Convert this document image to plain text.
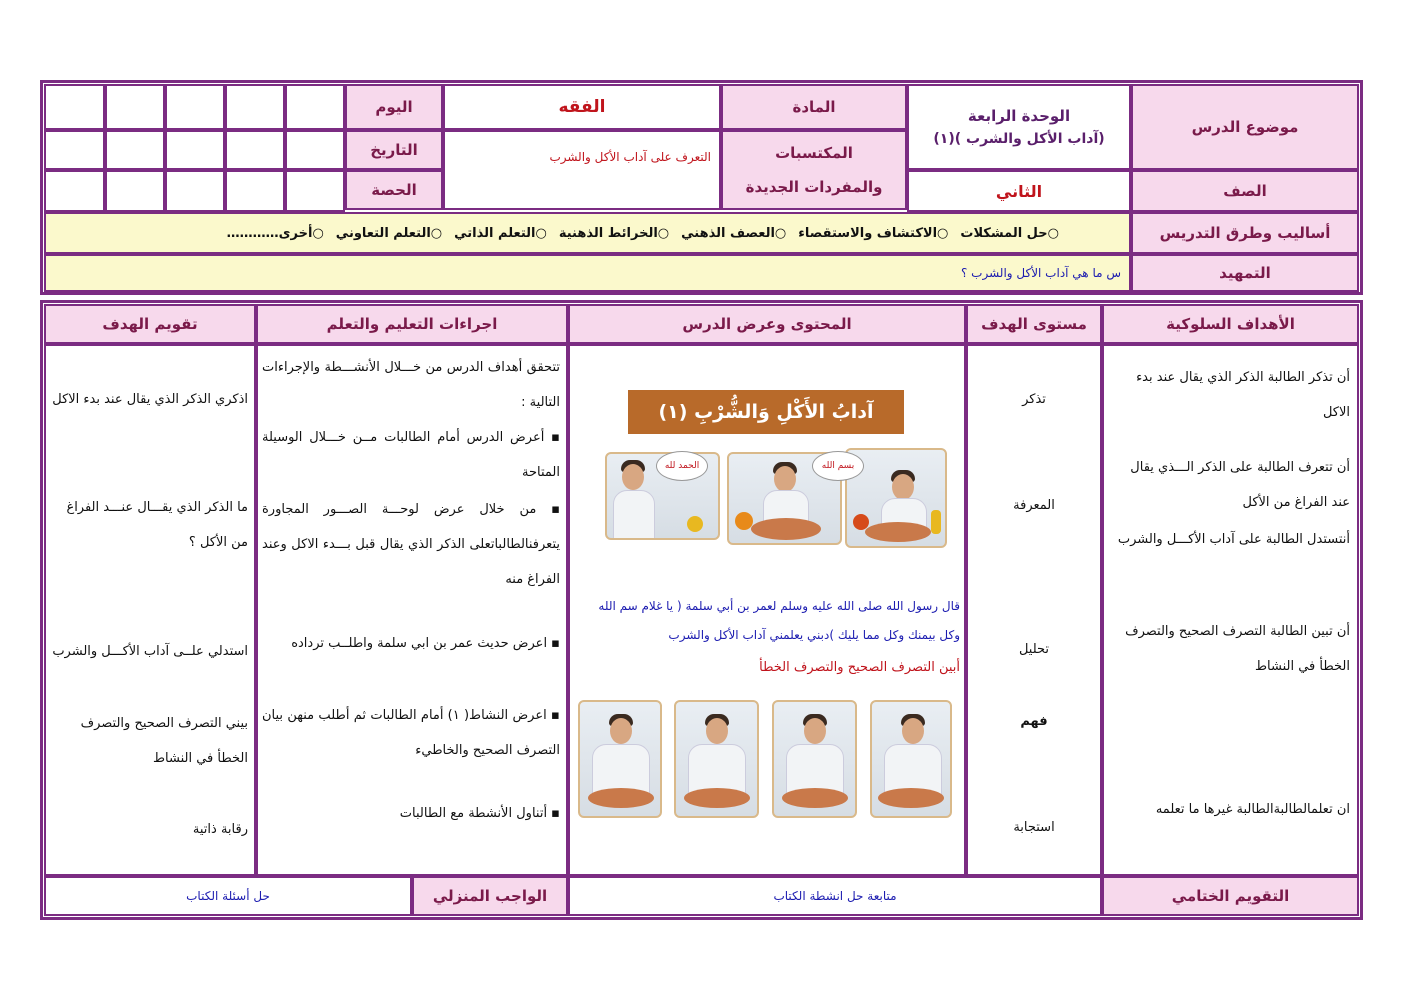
موضوع الدرس
الوحدة الرابعة
(آداب الأكل والشرب )(١)
المادة
الفقه
اليوم
المكتسبات
والمفردات الجديدة
التعرف على آداب الأكل والشرب
التاريخ
الحصة	الصف
الثاني
أساليب وطرق التدريس
○حل المشكلات
○الاكتشاف والاستقصاء
○العصف الذهني
○الخرائط الذهنية
○التعلم الذاتي
○التعلم التعاوني
○أخرى…………
التمهيد
س ما هي آداب الأكل والشرب ؟
الأهداف السلوكية
مستوى الهدف
المحتوى وعرض الدرس
اجراءات التعليم والتعلم
تقويم الهدف
أن تذكر الطالبة الذكر الذي يقال عند بدء الاكل
أن تتعرف الطالبة على الذكر الـــذي يقال عند الفراغ من الأكل
أنتستدل الطالبة على آداب الأكـــل والشرب
أن تبين الطالبة التصرف الصحيح والتصرف الخطأ في النشاط
ان تعلمالطالبةالطالبة غيرها ما تعلمه
تذكر
المعرفة
تحليل
فهم
استجابة
آدابُ الأَكْلِ وَالشُّرْبِ (١)
الحمد لله	بسم الله
قال رسول الله صلى الله عليه وسلم لعمر بن أبي سلمة ( يا غلام سم الله وكل بيمنك وكل مما يليك )دبني يعلمني آداب الأكل والشرب
أبين التصرف الصحيح والتصرف الخطأ
تتحقق أهداف الدرس من خـــلال الأنشـــطة والإجراءات التالية :
▪ أعرض الدرس أمام الطالبات مــن خـــلال الوسيلة المتاحة
▪ من خلال عرض لوحـــة الصـــور المجاورة يتعرفنالطالباتعلى الذكر الذي يقال قبل بـــدء الاكل وعند الفراغ منه
▪ اعرض حديث عمر بن ابي سلمة واطلــب ترداده
▪ اعرض النشاط( ١) أمام الطالبات ثم أطلب منهن بيان التصرف الصحيح والخاطيء
▪ أتناول الأنشطة مع الطالبات
اذكري الذكر الذي يقال عند بدء الاكل
ما الذكر الذي يقـــال عنـــد الفراغ من الأكل ؟
استدلي علــى آداب الأكـــل والشرب
بيني التصرف الصحيح والتصرف الخطأ في النشاط
رقابة ذاتية
التقويم الختامي
متابعة حل انشطة الكتاب
الواجب المنزلي
حل أسئلة الكتاب
